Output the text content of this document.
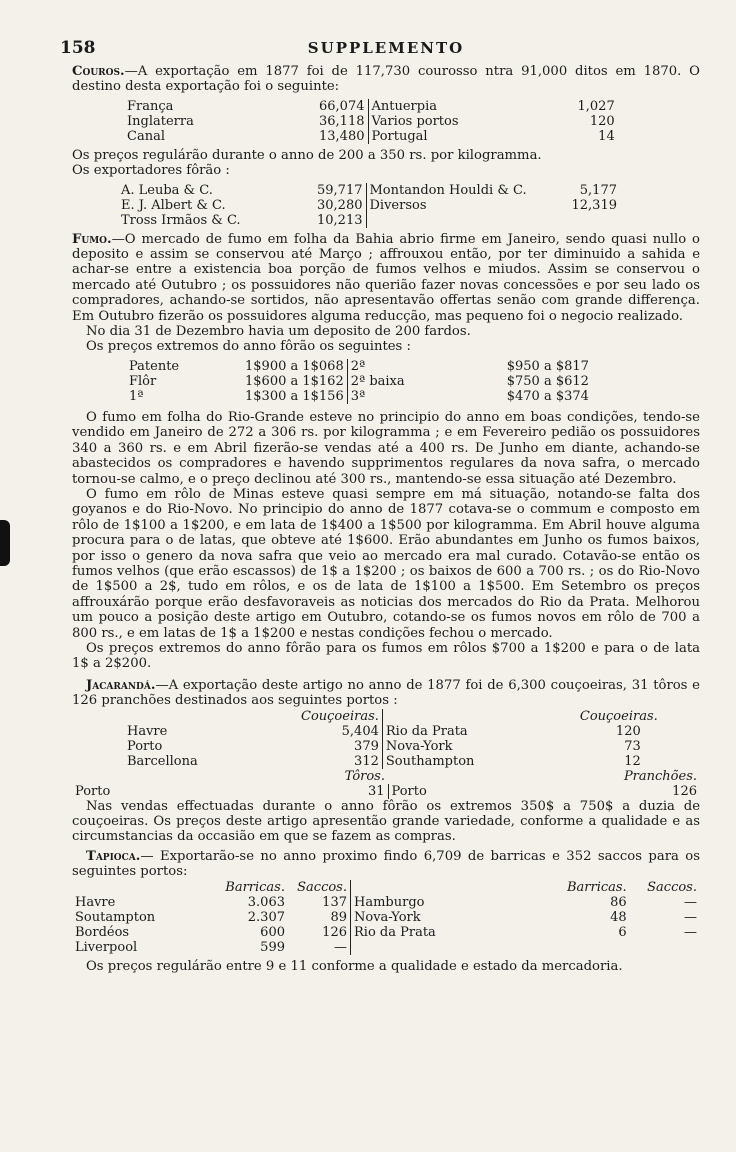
158	SUPPLEMENTO

Couros.—A exportação em 1877 foi de 117,730 courosso ntra 91,000 ditos em 1870. O destino desta exportação foi o seguinte:

França	66,074	Antuerpia	1,027
Inglaterra	36,118	Varios portos	120
Canal	13,480	Portugal	14

Os preços regulárão durante o anno de 200 a 350 rs. por kilogramma.

Os exportadores fôrão :

A. Leuba & C.	59,717	Montandon Houldi & C.	5,177
E. J. Albert & C.	30,280	Diversos	12,319
Tross Irmãos & C.	10,213		

Fumo.—O mercado de fumo em folha da Bahia abrio firme em Janeiro, sendo quasi nullo o deposito e assim se conservou até Março ; affrouxou então, por ter diminuido a sahida e achar-se entre a existencia boa porção de fumos velhos e miudos. Assim se conservou o mercado até Outubro ; os possuidores não querião fazer novas concessões e por seu lado os compradores, achando-se sortidos, não apresentavão offertas senão com grande differença. Em Outubro fizerão os possuidores alguma reducção, mas pequeno foi o negocio realizado.

No dia 31 de Dezembro havia um deposito de 200 fardos.

Os preços extremos do anno fôrão os seguintes :

Patente	1$900 a 1$068	2ª	$950 a $817
Flôr	1$600 a 1$162	2ª baixa	$750 a $612
1ª	1$300 a 1$156	3ª	$470 a $374

O fumo em folha do Rio-Grande esteve no principio do anno em boas condições, tendo-se vendido em Janeiro de 272 a 306 rs. por kilogramma ; e em Fevereiro pedião os possuidores 340 a 360 rs. e em Abril fizerão-se vendas até a 400 rs. De Junho em diante, achando-se abastecidos os compradores e havendo supprimentos regulares da nova safra, o mercado tornou-se calmo, e o preço declinou até 300 rs., mantendo-se essa situação até Dezembro.

O fumo em rôlo de Minas esteve quasi sempre em má situação, notando-se falta dos goyanos e do Rio-Novo. No principio do anno de 1877 cotava-se o commum e composto em rôlo de 1$100 a 1$200, e em lata de 1$400 a 1$500 por kilogramma. Em Abril houve alguma procura para o de latas, que obteve até 1$600. Erão abundantes em Junho os fumos baixos, por isso o genero da nova safra que veio ao mercado era mal curado. Cotavão-se então os fumos velhos (que erão escassos) de 1$ a 1$200 ; os baixos de 600 a 700 rs. ; os do Rio-Novo de 1$500 a 2$, tudo em rôlos, e os de lata de 1$100 a 1$500. Em Setembro os preços affrouxárão porque erão desfavoraveis as noticias dos mercados do Rio da Prata. Melhorou um pouco a posição deste artigo em Outubro, cotando-se os fumos novos em rôlo de 700 a 800 rs., e em latas de 1$ a 1$200 e nestas condições fechou o mercado.

Os preços extremos do anno fôrão para os fumos em rôlos $700 a 1$200 e para o de lata 1$ a 2$200.

Jacarandá.—A exportação deste artigo no anno de 1877 foi de 6,300 couçoeiras, 31 tôros e 126 pranchões destinados aos seguintes portos :

	Couçoeiras.		Couçoeiras.
Havre	5,404	Rio da Prata	120
Porto	379	Nova-York	73
Barcellona	312	Southampton	12
	Tôros.		Pranchões.
Porto	31	Porto	126

Nas vendas effectuadas durante o anno fôrão os extremos 350$ a 750$ a duzia de couçoeiras. Os preços deste artigo apresentão grande variedade, conforme a qualidade e as circumstancias da occasião em que se fazem as compras.

Tapioca.— Exportarão-se no anno proximo findo 6,709 de barricas e 352 saccos para os seguintes portos:

	Barricas.	Saccos.		Barricas.	Saccos.
Havre	3.063	137	Hamburgo	86	—
Soutampton	2.307	89	Nova-York	48	—
Bordéos	600	126	Rio da Prata	6	—
Liverpool	599	—			

Os preços regulárão entre 9 e 11 conforme a qualidade e estado da mercadoria.
